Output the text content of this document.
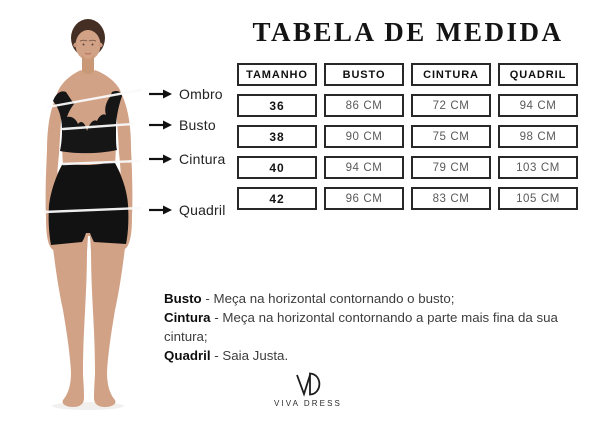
Ombro
Busto
Cintura
Quadril
TABELA DE MEDIDA
TAMANHO	BUSTO	CINTURA	QUADRIL
36	86 CM	72 CM	94 CM
38	90 CM	75 CM	98 CM
40	94 CM	79 CM	103 CM
42	96 CM	83 CM	105 CM
Busto - Meça na horizontal contornando o busto;
Cintura - Meça na horizontal contornando a parte mais fina da sua cintura;
Quadril - Saia Justa.
VIVA DRESS
